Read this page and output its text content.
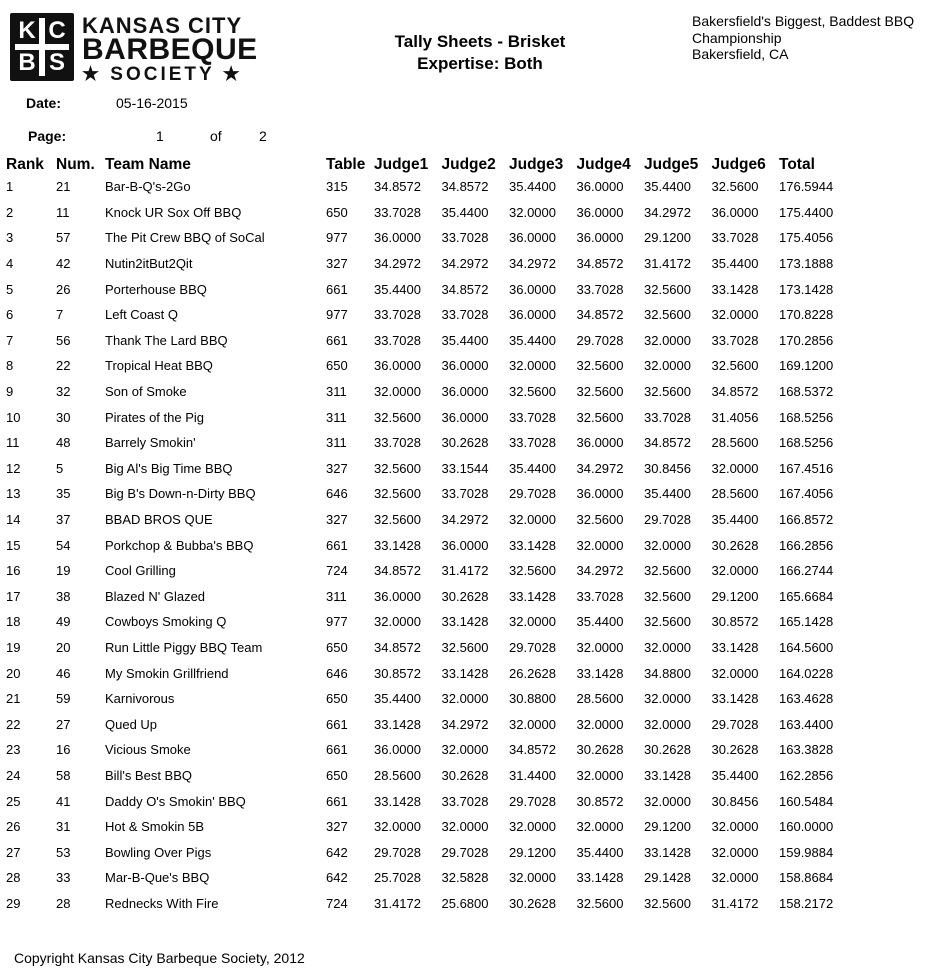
K C
B S
KANSAS CITY
BARBEQUE
★ SOCIETY ★
Tally Sheets - Brisket
Expertise: Both
Bakersfield's Biggest, Baddest BBQ
Championship
Bakersfield, CA
Date:	05-16-2015
Page:	1	of	2
Rank	Num.	Team Name	Table	Judge1	Judge2	Judge3	Judge4	Judge5	Judge6	Total
1	21	Bar-B-Q's-2Go	315	34.8572	34.8572	35.4400	36.0000	35.4400	32.5600	176.5944
2	11	Knock UR Sox Off BBQ	650	33.7028	35.4400	32.0000	36.0000	34.2972	36.0000	175.4400
3	57	The Pit Crew BBQ of SoCal	977	36.0000	33.7028	36.0000	36.0000	29.1200	33.7028	175.4056
4	42	Nutin2itBut2Qit	327	34.2972	34.2972	34.2972	34.8572	31.4172	35.4400	173.1888
5	26	Porterhouse BBQ	661	35.4400	34.8572	36.0000	33.7028	32.5600	33.1428	173.1428
6	7	Left Coast Q	977	33.7028	33.7028	36.0000	34.8572	32.5600	32.0000	170.8228
7	56	Thank The Lard BBQ	661	33.7028	35.4400	35.4400	29.7028	32.0000	33.7028	170.2856
8	22	Tropical Heat BBQ	650	36.0000	36.0000	32.0000	32.5600	32.0000	32.5600	169.1200
9	32	Son of Smoke	311	32.0000	36.0000	32.5600	32.5600	32.5600	34.8572	168.5372
10	30	Pirates of the Pig	311	32.5600	36.0000	33.7028	32.5600	33.7028	31.4056	168.5256
11	48	Barrely Smokin'	311	33.7028	30.2628	33.7028	36.0000	34.8572	28.5600	168.5256
12	5	Big Al's Big Time BBQ	327	32.5600	33.1544	35.4400	34.2972	30.8456	32.0000	167.4516
13	35	Big B's Down-n-Dirty BBQ	646	32.5600	33.7028	29.7028	36.0000	35.4400	28.5600	167.4056
14	37	BBAD BROS QUE	327	32.5600	34.2972	32.0000	32.5600	29.7028	35.4400	166.8572
15	54	Porkchop & Bubba's BBQ	661	33.1428	36.0000	33.1428	32.0000	32.0000	30.2628	166.2856
16	19	Cool Grilling	724	34.8572	31.4172	32.5600	34.2972	32.5600	32.0000	166.2744
17	38	Blazed N' Glazed	311	36.0000	30.2628	33.1428	33.7028	32.5600	29.1200	165.6684
18	49	Cowboys Smoking Q	977	32.0000	33.1428	32.0000	35.4400	32.5600	30.8572	165.1428
19	20	Run Little Piggy BBQ Team	650	34.8572	32.5600	29.7028	32.0000	32.0000	33.1428	164.5600
20	46	My Smokin Grillfriend	646	30.8572	33.1428	26.2628	33.1428	34.8800	32.0000	164.0228
21	59	Karnivorous	650	35.4400	32.0000	30.8800	28.5600	32.0000	33.1428	163.4628
22	27	Qued Up	661	33.1428	34.2972	32.0000	32.0000	32.0000	29.7028	163.4400
23	16	Vicious Smoke	661	36.0000	32.0000	34.8572	30.2628	30.2628	30.2628	163.3828
24	58	Bill's Best BBQ	650	28.5600	30.2628	31.4400	32.0000	33.1428	35.4400	162.2856
25	41	Daddy O's Smokin' BBQ	661	33.1428	33.7028	29.7028	30.8572	32.0000	30.8456	160.5484
26	31	Hot & Smokin 5B	327	32.0000	32.0000	32.0000	32.0000	29.1200	32.0000	160.0000
27	53	Bowling Over Pigs	642	29.7028	29.7028	29.1200	35.4400	33.1428	32.0000	159.9884
28	33	Mar-B-Que's BBQ	642	25.7028	32.5828	32.0000	33.1428	29.1428	32.0000	158.8684
29	28	Rednecks With Fire	724	31.4172	25.6800	30.2628	32.5600	32.5600	31.4172	158.2172
Copyright Kansas City Barbeque Society, 2012
